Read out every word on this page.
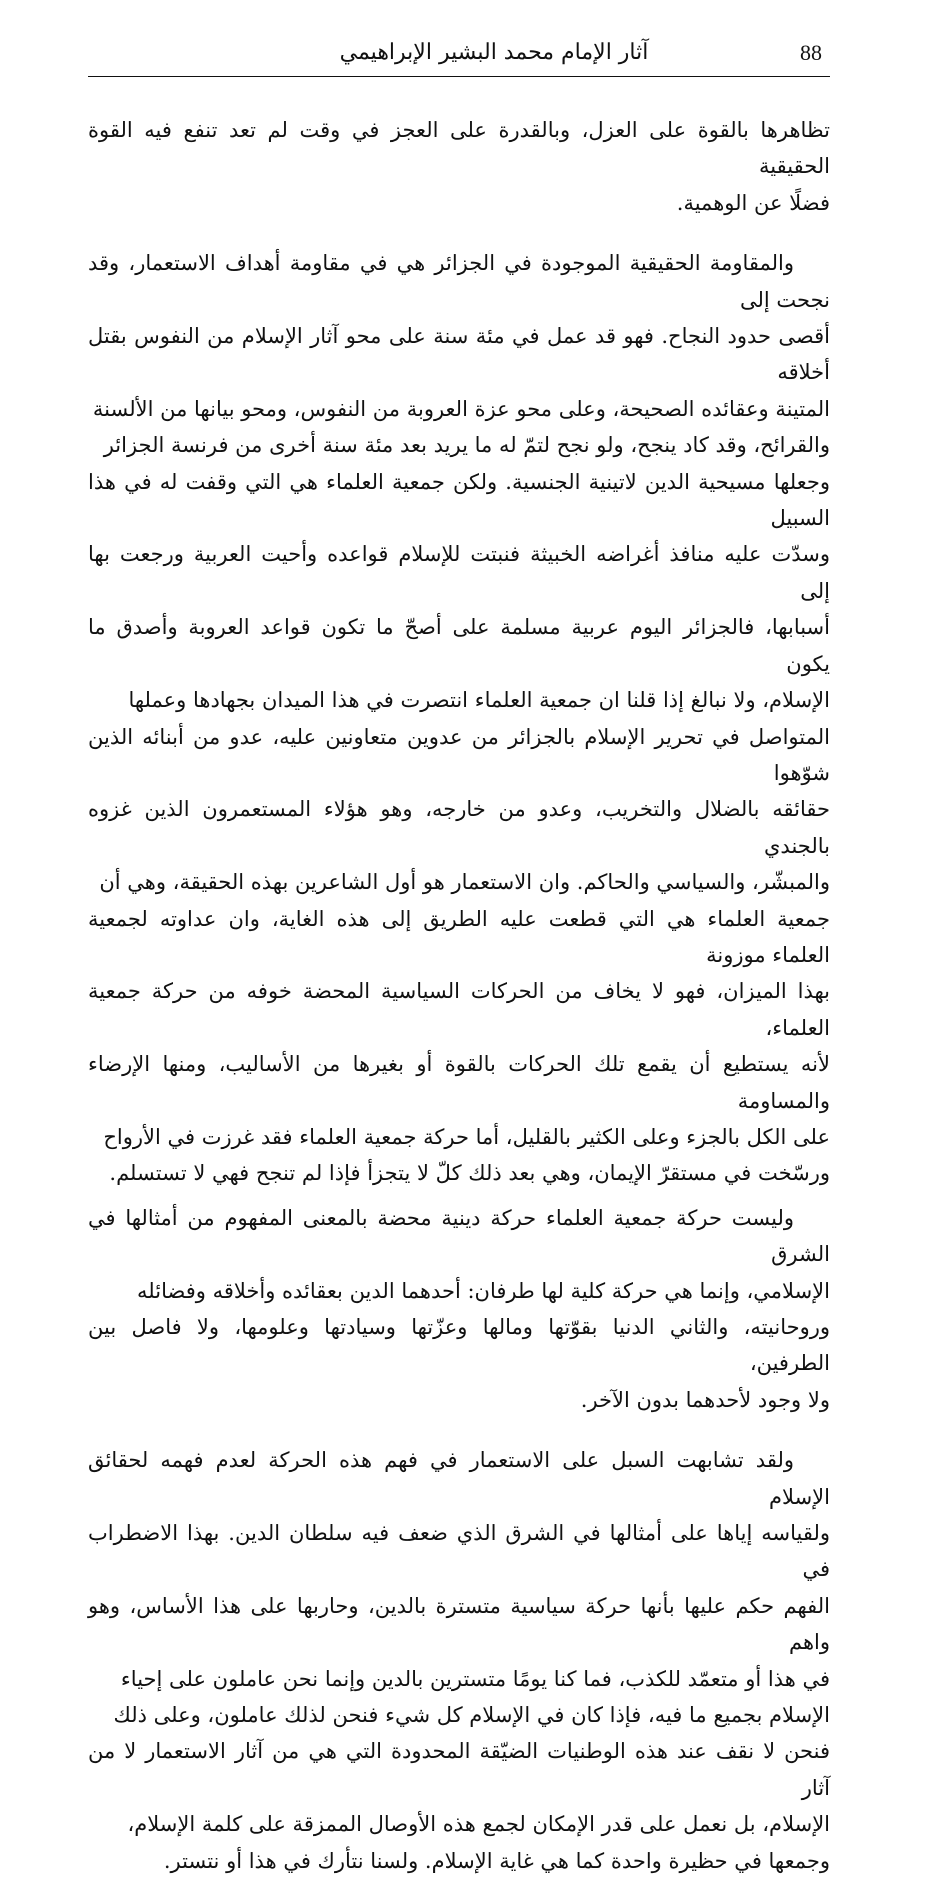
88
آثار الإمام محمد البشير الإبراهيمي

تظاهرها بالقوة على العزل، وبالقدرة على العجز في وقت لم تعد تنفع فيه القوة الحقيقية
فضلًا عن الوهمية.

والمقاومة الحقيقية الموجودة في الجزائر هي في مقاومة أهداف الاستعمار، وقد نجحت إلى
أقصى حدود النجاح. فهو قد عمل في مئة سنة على محو آثار الإسلام من النفوس بقتل أخلاقه
المتينة وعقائده الصحيحة، وعلى محو عزة العروبة من النفوس، ومحو بيانها من الألسنة
والقرائح، وقد كاد ينجح، ولو نجح لتمّ له ما يريد بعد مئة سنة أخرى من فرنسة الجزائر
وجعلها مسيحية الدين لاتينية الجنسية. ولكن جمعية العلماء هي التي وقفت له في هذا السبيل
وسدّت عليه منافذ أغراضه الخبيثة فنبتت للإسلام قواعده وأحيت العربية ورجعت بها إلى
أسبابها، فالجزائر اليوم عربية مسلمة على أصحّ ما تكون قواعد العروبة وأصدق ما يكون
الإسلام، ولا نبالغ إذا قلنا ان جمعية العلماء انتصرت في هذا الميدان بجهادها وعملها
المتواصل في تحرير الإسلام بالجزائر من عدوين متعاونين عليه، عدو من أبنائه الذين شوّهوا
حقائقه بالضلال والتخريب، وعدو من خارجه، وهو هؤلاء المستعمرون الذين غزوه بالجندي
والمبشّر، والسياسي والحاكم. وان الاستعمار هو أول الشاعرين بهذه الحقيقة، وهي أن
جمعية العلماء هي التي قطعت عليه الطريق إلى هذه الغاية، وان عداوته لجمعية العلماء موزونة
بهذا الميزان، فهو لا يخاف من الحركات السياسية المحضة خوفه من حركة جمعية العلماء،
لأنه يستطيع أن يقمع تلك الحركات بالقوة أو بغيرها من الأساليب، ومنها الإرضاء والمساومة
على الكل بالجزء وعلى الكثير بالقليل، أما حركة جمعية العلماء فقد غرزت في الأرواح
ورسّخت في مستقرّ الإيمان، وهي بعد ذلك كلّ لا يتجزأ فإذا لم تنجح فهي لا تستسلم.

وليست حركة جمعية العلماء حركة دينية محضة بالمعنى المفهوم من أمثالها في الشرق
الإسلامي، وإنما هي حركة كلية لها طرفان: أحدهما الدين بعقائده وأخلاقه وفضائله
وروحانيته، والثاني الدنيا بقوّتها ومالها وعزّتها وسيادتها وعلومها، ولا فاصل بين الطرفين،
ولا وجود لأحدهما بدون الآخر.

ولقد تشابهت السبل على الاستعمار في فهم هذه الحركة لعدم فهمه لحقائق الإسلام
ولقياسه إياها على أمثالها في الشرق الذي ضعف فيه سلطان الدين. بهذا الاضطراب في
الفهم حكم عليها بأنها حركة سياسية متسترة بالدين، وحاربها على هذا الأساس، وهو واهم
في هذا أو متعمّد للكذب، فما كنا يومًا متسترين بالدين وإنما نحن عاملون على إحياء
الإسلام بجميع ما فيه، فإذا كان في الإسلام كل شيء فنحن لذلك عاملون، وعلى ذلك
فنحن لا نقف عند هذه الوطنيات الضيّقة المحدودة التي هي من آثار الاستعمار لا من آثار
الإسلام، بل نعمل على قدر الإمكان لجمع هذه الأوصال الممزقة على كلمة الإسلام،
وجمعها في حظيرة واحدة كما هي غاية الإسلام. ولسنا نتأرك في هذا أو نتستر.
